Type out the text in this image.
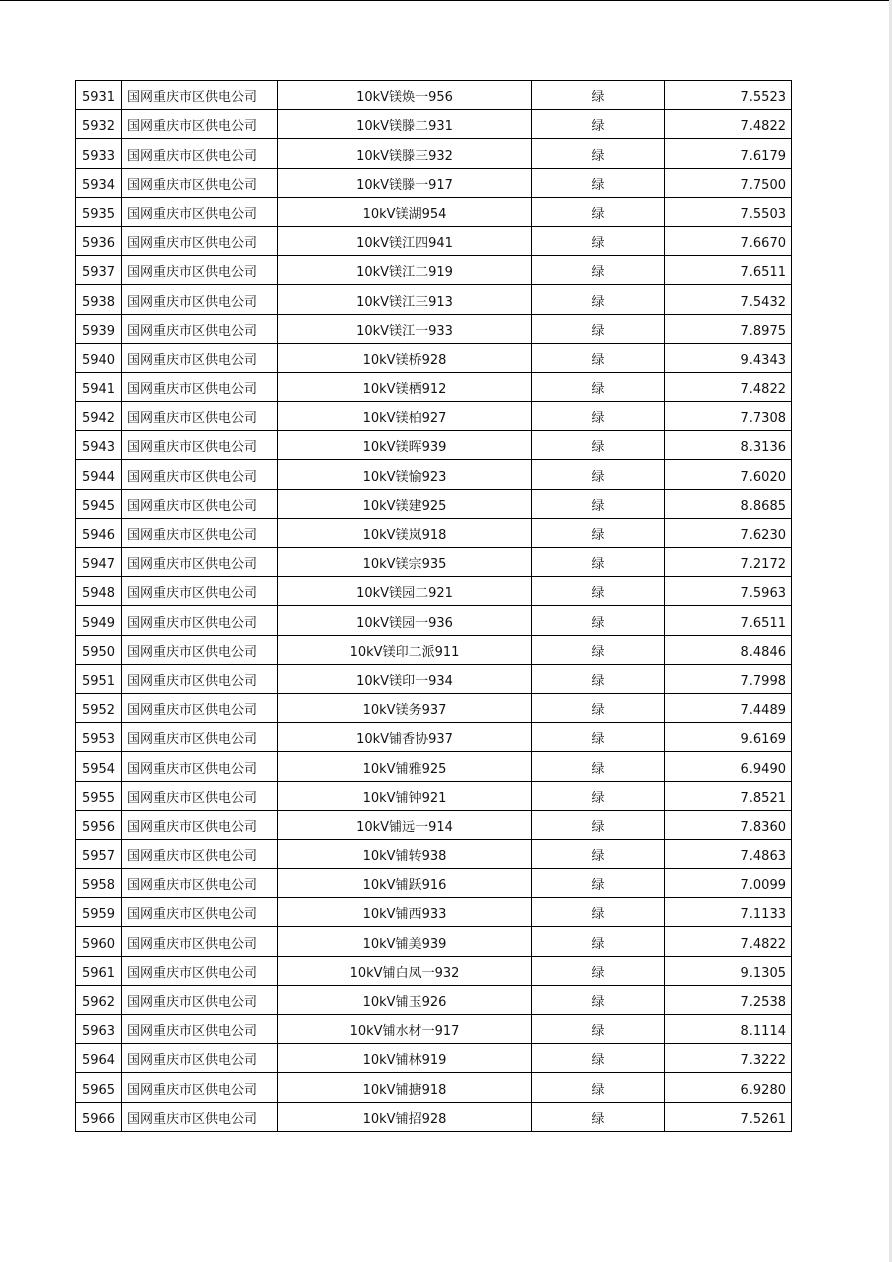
5931	国网重庆市区供电公司	10kV镁焕一956	绿	7.5523
5932	国网重庆市区供电公司	10kV镁滕二931	绿	7.4822
5933	国网重庆市区供电公司	10kV镁滕三932	绿	7.6179
5934	国网重庆市区供电公司	10kV镁滕一917	绿	7.7500
5935	国网重庆市区供电公司	10kV镁湖954	绿	7.5503
5936	国网重庆市区供电公司	10kV镁江四941	绿	7.6670
5937	国网重庆市区供电公司	10kV镁江二919	绿	7.6511
5938	国网重庆市区供电公司	10kV镁江三913	绿	7.5432
5939	国网重庆市区供电公司	10kV镁江一933	绿	7.8975
5940	国网重庆市区供电公司	10kV镁桥928	绿	9.4343
5941	国网重庆市区供电公司	10kV镁栖912	绿	7.4822
5942	国网重庆市区供电公司	10kV镁柏927	绿	7.7308
5943	国网重庆市区供电公司	10kV镁晖939	绿	8.3136
5944	国网重庆市区供电公司	10kV镁愉923	绿	7.6020
5945	国网重庆市区供电公司	10kV镁建925	绿	8.8685
5946	国网重庆市区供电公司	10kV镁岚918	绿	7.6230
5947	国网重庆市区供电公司	10kV镁宗935	绿	7.2172
5948	国网重庆市区供电公司	10kV镁园二921	绿	7.5963
5949	国网重庆市区供电公司	10kV镁园一936	绿	7.6511
5950	国网重庆市区供电公司	10kV镁印二派911	绿	8.4846
5951	国网重庆市区供电公司	10kV镁印一934	绿	7.7998
5952	国网重庆市区供电公司	10kV镁务937	绿	7.4489
5953	国网重庆市区供电公司	10kV铺香协937	绿	9.6169
5954	国网重庆市区供电公司	10kV铺雅925	绿	6.9490
5955	国网重庆市区供电公司	10kV铺钟921	绿	7.8521
5956	国网重庆市区供电公司	10kV铺远一914	绿	7.8360
5957	国网重庆市区供电公司	10kV铺转938	绿	7.4863
5958	国网重庆市区供电公司	10kV铺跃916	绿	7.0099
5959	国网重庆市区供电公司	10kV铺西933	绿	7.1133
5960	国网重庆市区供电公司	10kV铺美939	绿	7.4822
5961	国网重庆市区供电公司	10kV铺白凤一932	绿	9.1305
5962	国网重庆市区供电公司	10kV铺玉926	绿	7.2538
5963	国网重庆市区供电公司	10kV铺水材一917	绿	8.1114
5964	国网重庆市区供电公司	10kV铺林919	绿	7.3222
5965	国网重庆市区供电公司	10kV铺搪918	绿	6.9280
5966	国网重庆市区供电公司	10kV铺招928	绿	7.5261
